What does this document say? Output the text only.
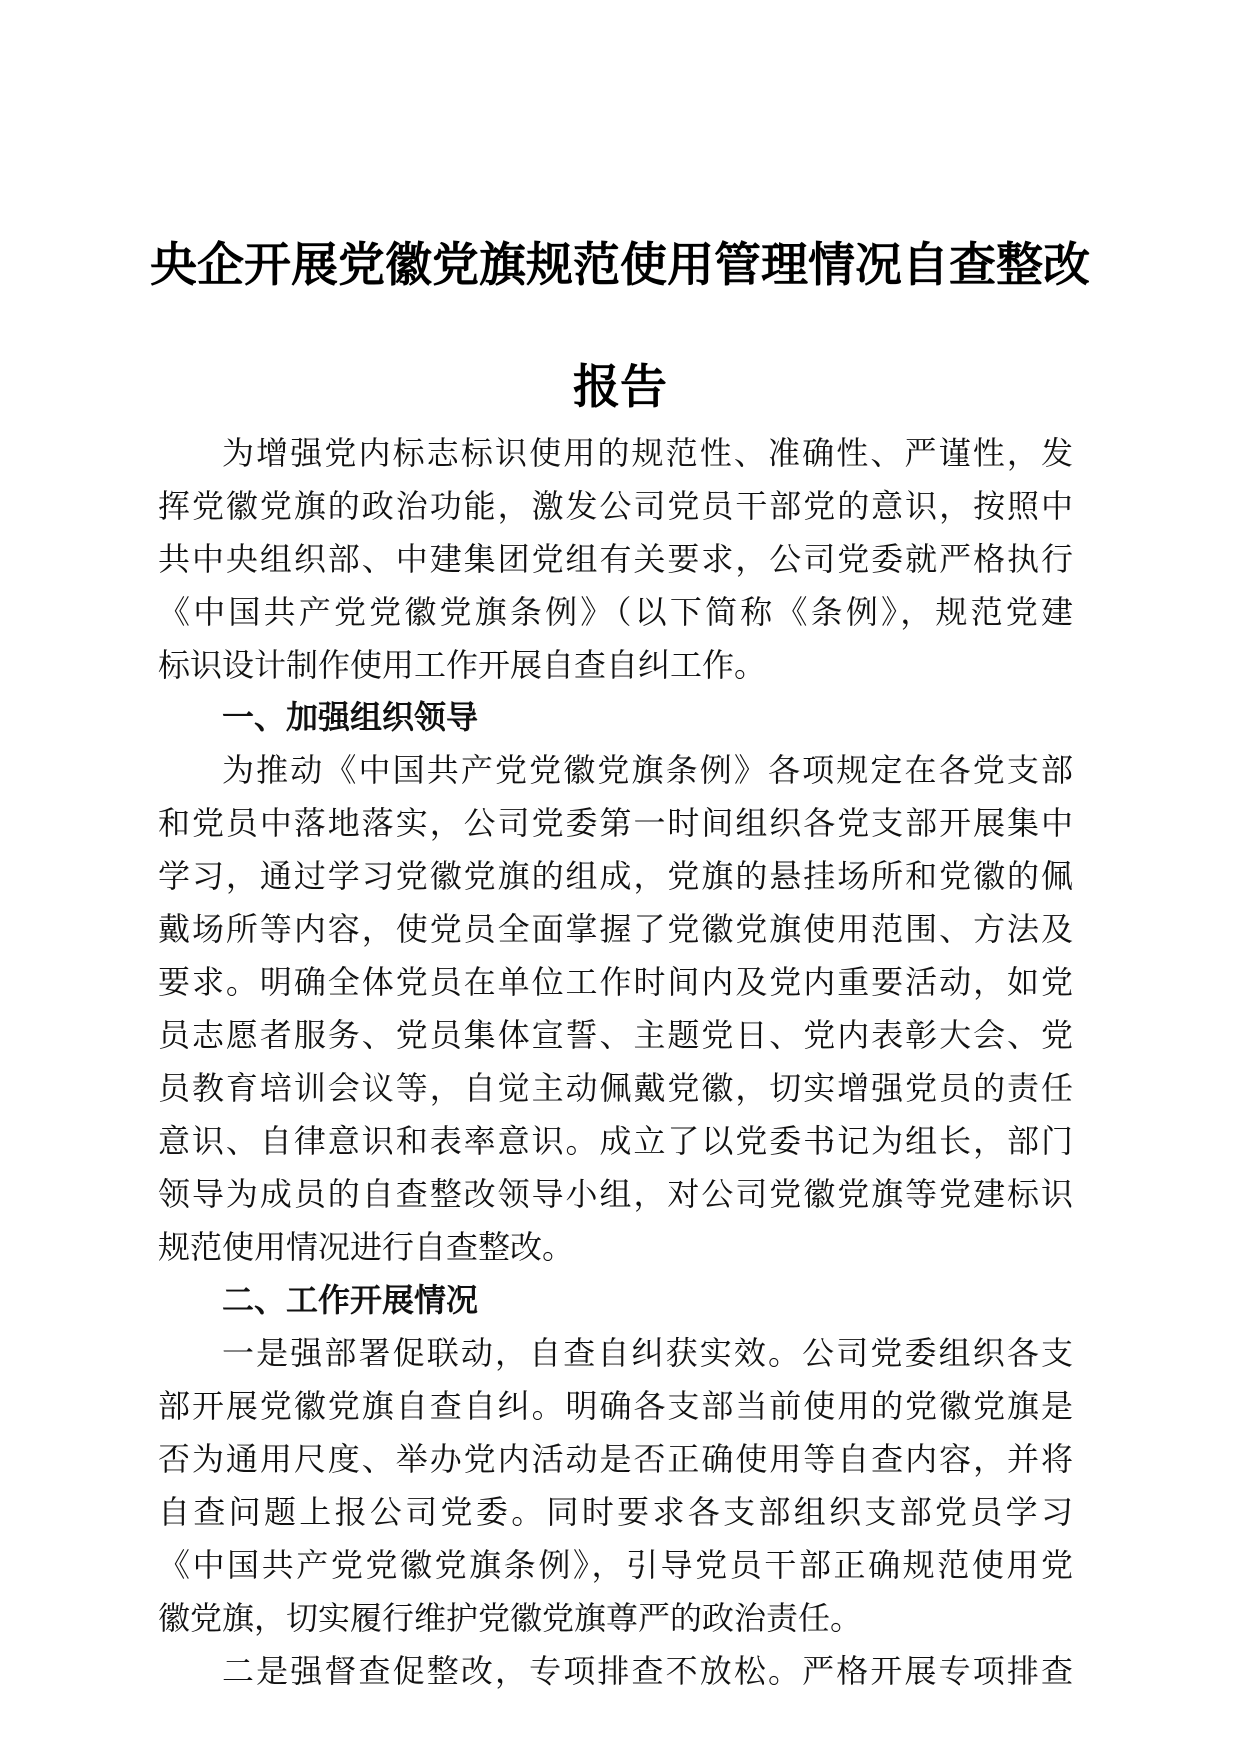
央企开展党徽党旗规范使用管理情况自查整改
报告
为增强党内标志标识使用的规范性、准确性、严谨性，发
挥党徽党旗的政治功能，激发公司党员干部党的意识，按照中
共中央组织部、中建集团党组有关要求，公司党委就严格执行
《中国共产党党徽党旗条例》（以下简称《条例》，规范党建
标识设计制作使用工作开展自查自纠工作。
一、加强组织领导
为推动《中国共产党党徽党旗条例》各项规定在各党支部
和党员中落地落实，公司党委第一时间组织各党支部开展集中
学习，通过学习党徽党旗的组成，党旗的悬挂场所和党徽的佩
戴场所等内容，使党员全面掌握了党徽党旗使用范围、方法及
要求。明确全体党员在单位工作时间内及党内重要活动，如党
员志愿者服务、党员集体宣誓、主题党日、党内表彰大会、党
员教育培训会议等，自觉主动佩戴党徽，切实增强党员的责任
意识、自律意识和表率意识。成立了以党委书记为组长，部门
领导为成员的自查整改领导小组，对公司党徽党旗等党建标识
规范使用情况进行自查整改。
二、工作开展情况
一是强部署促联动，自查自纠获实效。公司党委组织各支
部开展党徽党旗自查自纠。明确各支部当前使用的党徽党旗是
否为通用尺度、举办党内活动是否正确使用等自查内容，并将
自查问题上报公司党委。同时要求各支部组织支部党员学习
《中国共产党党徽党旗条例》，引导党员干部正确规范使用党
徽党旗，切实履行维护党徽党旗尊严的政治责任。
二是强督查促整改，专项排查不放松。严格开展专项排查
